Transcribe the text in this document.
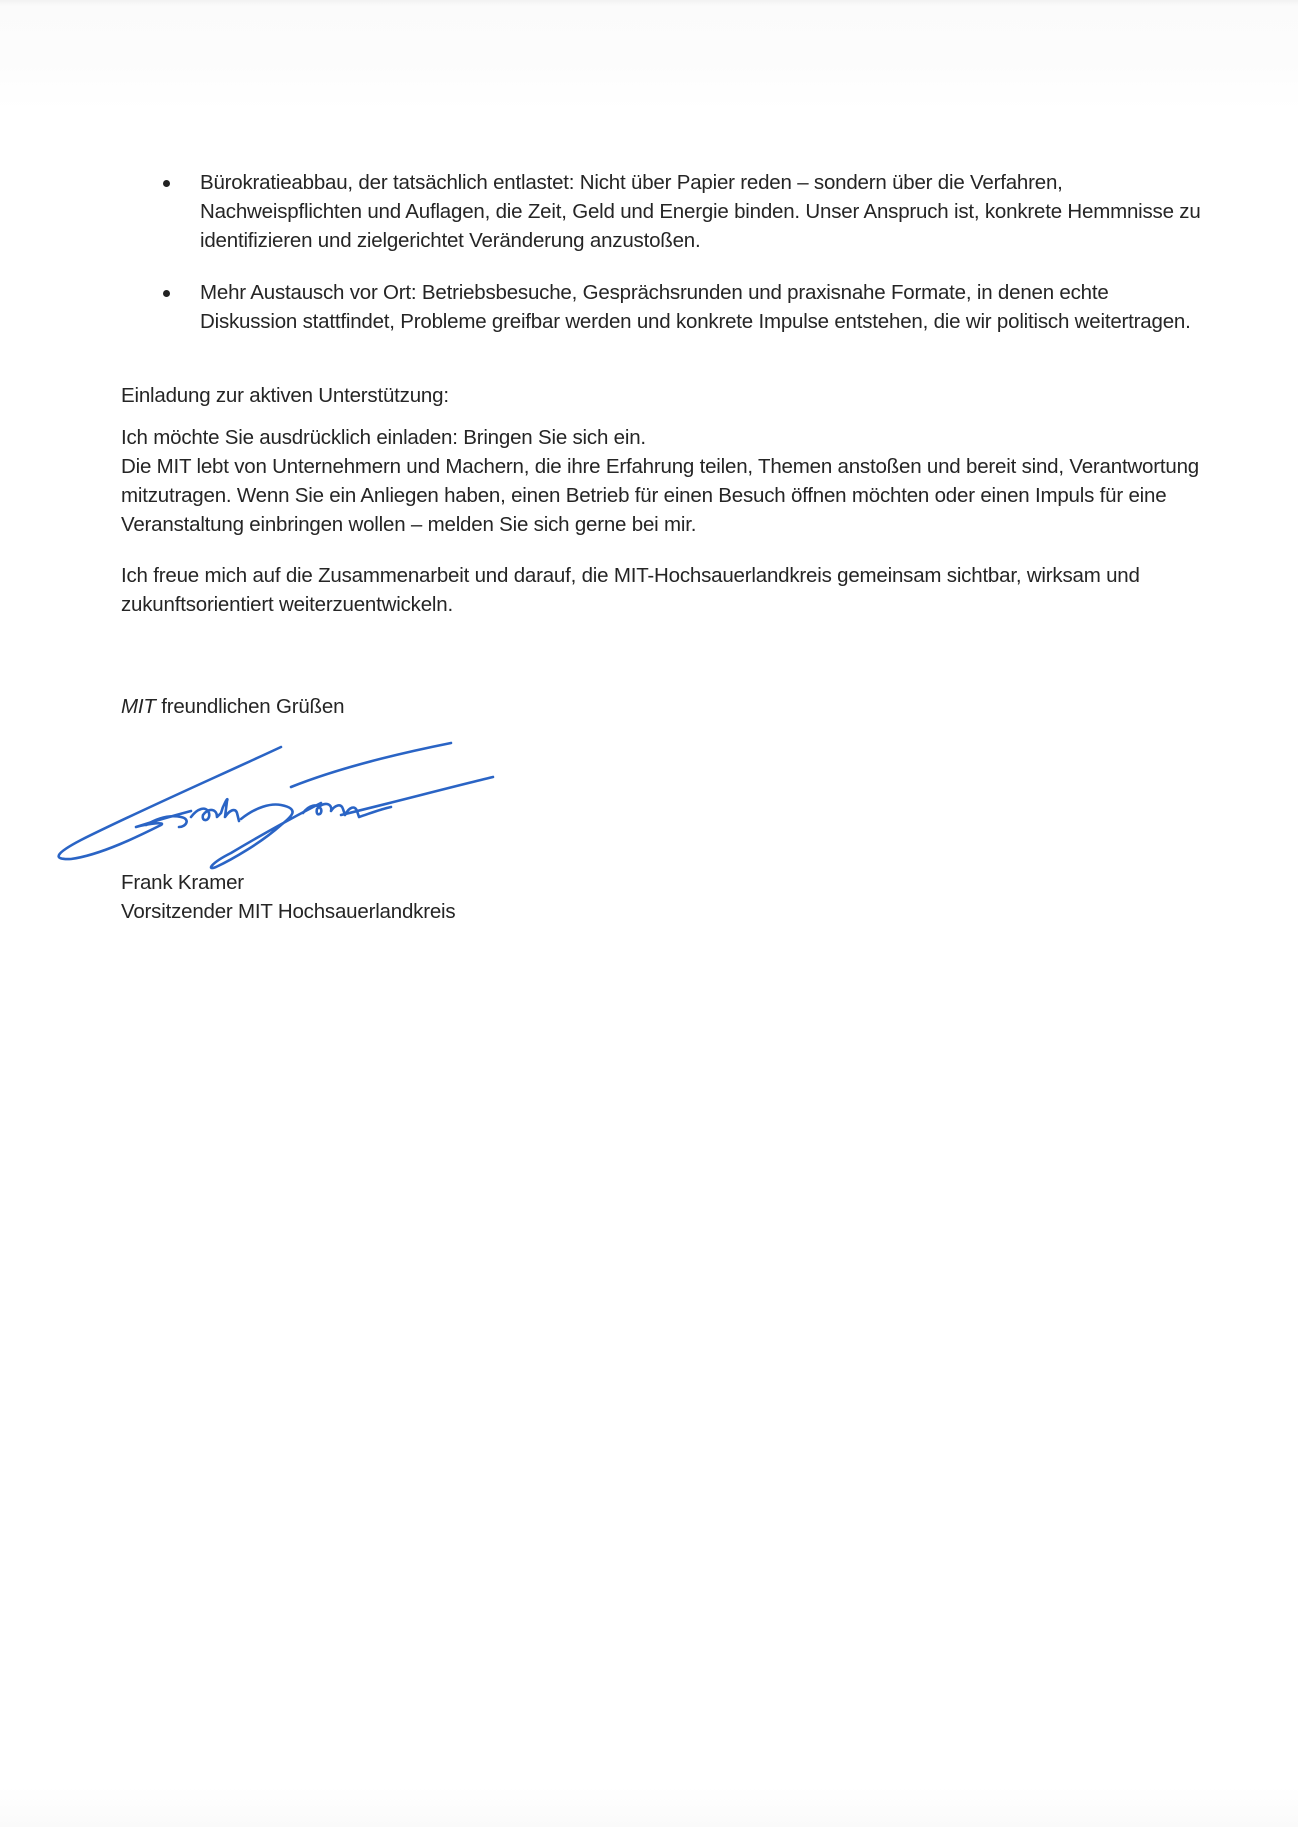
Bürokratieabbau, der tatsächlich entlastet: Nicht über Papier reden – sondern über die Verfahren, Nachweispflichten und Auflagen, die Zeit, Geld und Energie binden. Unser Anspruch ist, konkrete Hemmnisse zu identifizieren und zielgerichtet Veränderung anzustoßen.
Mehr Austausch vor Ort: Betriebsbesuche, Gesprächsrunden und praxisnahe Formate, in denen echte Diskussion stattfindet, Probleme greifbar werden und konkrete Impulse entstehen, die wir politisch weitertragen.
Einladung zur aktiven Unterstützung:
Ich möchte Sie ausdrücklich einladen: Bringen Sie sich ein.
Die MIT lebt von Unternehmern und Machern, die ihre Erfahrung teilen, Themen anstoßen und bereit sind, Verantwortung mitzutragen. Wenn Sie ein Anliegen haben, einen Betrieb für einen Besuch öffnen möchten oder einen Impuls für eine Veranstaltung einbringen wollen – melden Sie sich gerne bei mir.
Ich freue mich auf die Zusammenarbeit und darauf, die MIT-Hochsauerlandkreis gemeinsam sichtbar, wirksam und zukunftsorientiert weiterzuentwickeln.
MIT freundlichen Grüßen
Frank Kramer
Vorsitzender MIT Hochsauerlandkreis
